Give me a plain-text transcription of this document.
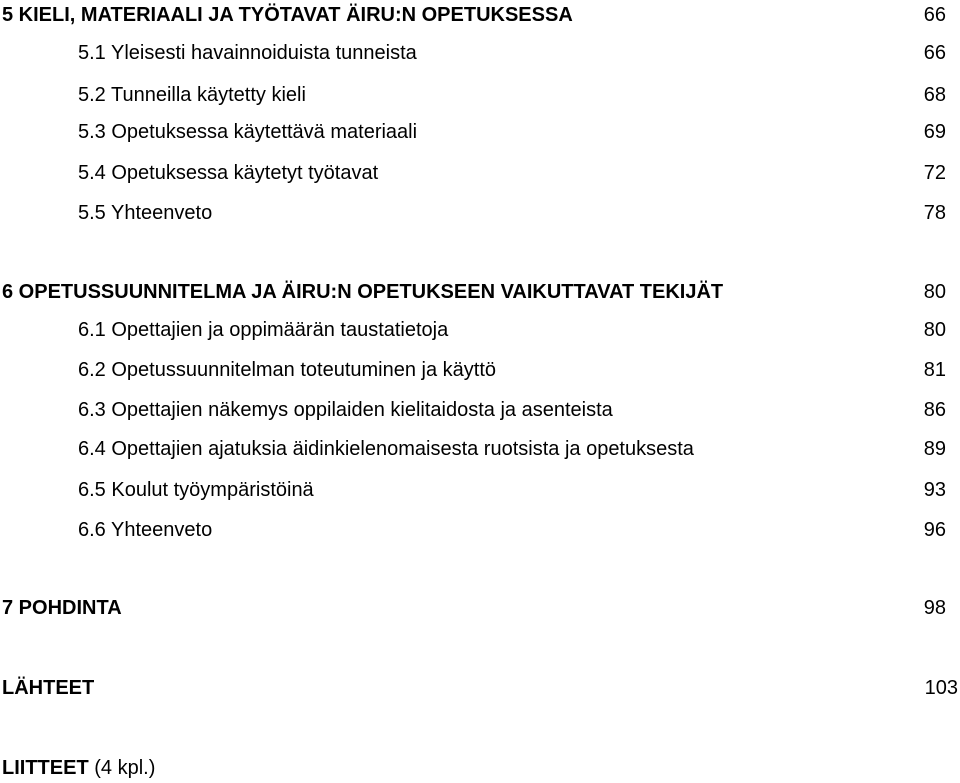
5 KIELI, MATERIAALI JA TYÖTAVAT ÄIRU:N OPETUKSESSA	66
5.1 Yleisesti havainnoiduista tunneista	66
5.2 Tunneilla käytetty kieli	68
5.3 Opetuksessa käytettävä materiaali	69
5.4 Opetuksessa käytetyt työtavat	72
5.5 Yhteenveto	78
6 OPETUSSUUNNITELMA JA ÄIRU:N OPETUKSEEN VAIKUTTAVAT TEKIJÄT	80
6.1 Opettajien ja oppimäärän taustatietoja	80
6.2 Opetussuunnitelman toteutuminen ja käyttö	81
6.3 Opettajien näkemys oppilaiden kielitaidosta ja asenteista	86
6.4 Opettajien ajatuksia äidinkielenomaisesta ruotsista ja opetuksesta	89
6.5 Koulut työympäristöinä	93
6.6 Yhteenveto	96
7 POHDINTA	98
LÄHTEET	103
LIITTEET (4 kpl.)
